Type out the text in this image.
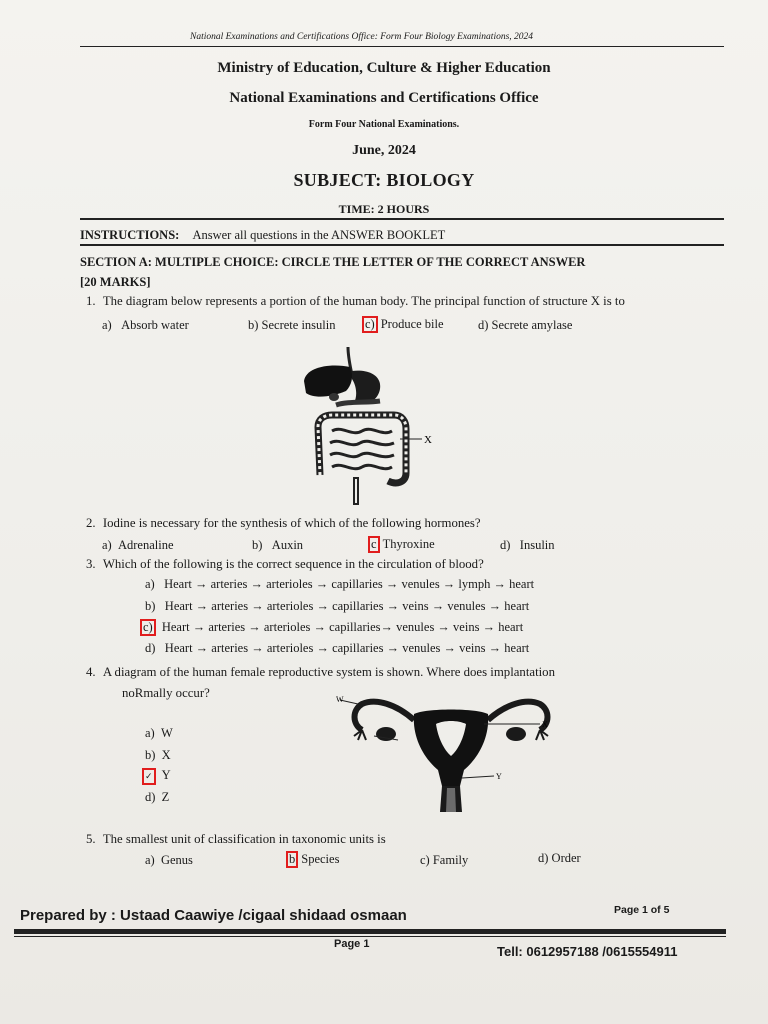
National Examinations and Certifications Office: Form Four Biology Examinations, 2024
Ministry of Education, Culture & Higher Education
National Examinations and Certifications Office
Form Four National Examinations.
June, 2024
SUBJECT: BIOLOGY
TIME: 2 HOURS
INSTRUCTIONS: Answer all questions in the ANSWER BOOKLET
SECTION A: MULTIPLE CHOICE: CIRCLE THE LETTER OF THE CORRECT ANSWER
[20 MARKS]
1. The diagram below represents a portion of the human body. The principal function of structure X is to
a) Absorb water	b) Secrete insulin c) Produce bile	d) Secrete amylase
X
2. Iodine is necessary for the synthesis of which of the following hormones?
a) Adrenaline	b) Auxin	c Thyroxine	d) Insulin
3. Which of the following is the correct sequence in the circulation of blood?
a) Heart → arteries → arterioles → capillaries → venules → lymph → heart
b) Heart → arteries → arterioles → capillaries → veins → venules → heart
c) Heart → arteries → arterioles → capillaries→ venules → veins → heart
d) Heart → arteries → arterioles → capillaries → venules → veins → heart
4. A diagram of the human female reproductive system is shown. Where does implantation
noRmally occur?
a) W
b) X
✓ Y
d) Z
W
X
Y
5. The smallest unit of classification in taxonomic units is
a) Genus	b Species	c) Family	d) Order
Prepared by : Ustaad Caawiye /cigaal shidaad osmaan	Page 1 of 5
Page 1	Tell: 0612957188 /0615554911
